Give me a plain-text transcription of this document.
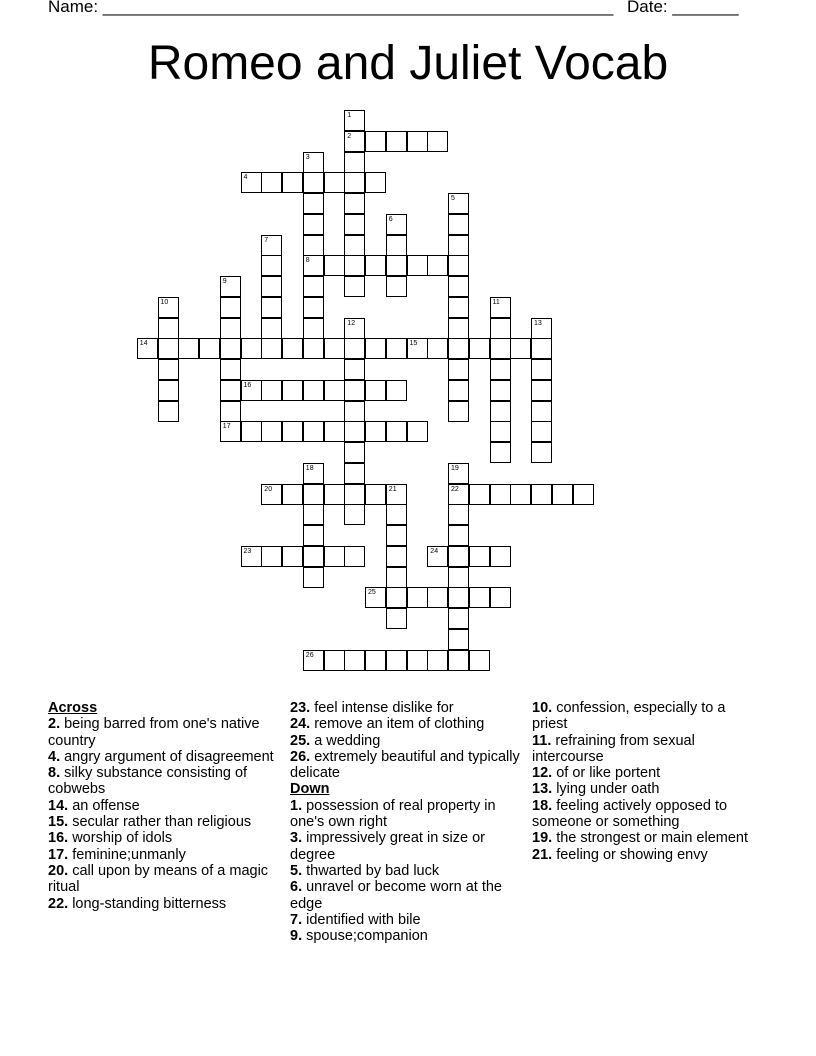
Name: ______________________________________________________ Date: _______
Romeo and Juliet Vocab
2
4
8
14	15
16
17
20	21	22
23	24
25
26
1
3
5
6
7
9
10	11
12	13
18	19
Across
2. being barred from one's native country
4. angry argument of disagreement
8. silky substance consisting of cobwebs
14. an offense
15. secular rather than religious
16. worship of idols
17. feminine;unmanly
20. call upon by means of a magic ritual
22. long-standing bitterness
23. feel intense dislike for
24. remove an item of clothing
25. a wedding
26. extremely beautiful and typically delicate
Down
1. possession of real property in one's own right
3. impressively great in size or degree
5. thwarted by bad luck
6. unravel or become worn at the edge
7. identified with bile
9. spouse;companion
10. confession, especially to a priest
11. refraining from sexual intercourse
12. of or like portent
13. lying under oath
18. feeling actively opposed to someone or something
19. the strongest or main element
21. feeling or showing envy
